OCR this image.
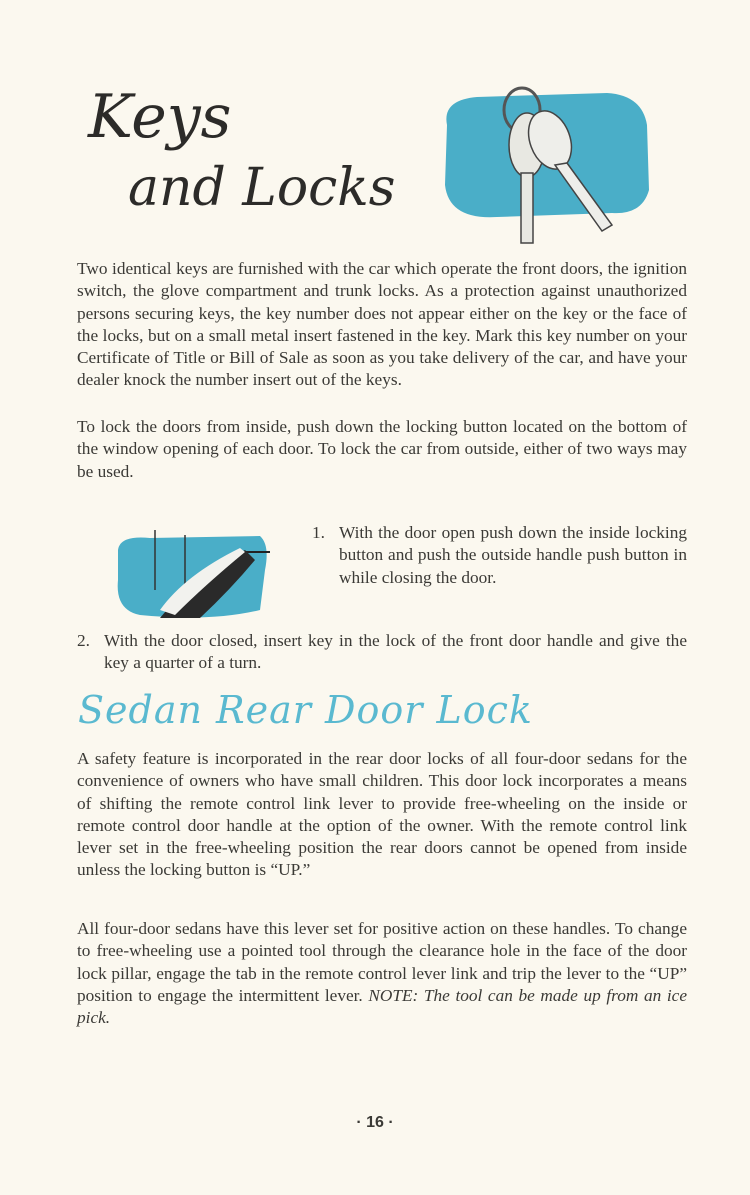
Keys
and Locks

Two identical keys are furnished with the car which operate the front doors, the ignition switch, the glove compartment and trunk locks. As a protection against unauthorized persons securing keys, the key number does not appear either on the key or the face of the locks, but on a small metal insert fastened in the key. Mark this key number on your Certificate of Title or Bill of Sale as soon as you take delivery of the car, and have your dealer knock the number insert out of the keys.

To lock the doors from inside, push down the locking button located on the bottom of the window opening of each door. To lock the car from outside, either of two ways may be used.

1. With the door open push down the inside locking button and push the outside handle push button in while closing the door.
2. With the door closed, insert key in the lock of the front door handle and give the key a quarter of a turn.
Sedan Rear Door Lock

A safety feature is incorporated in the rear door locks of all four-door sedans for the convenience of owners who have small children. This door lock incorporates a means of shifting the remote control link lever to provide free-wheeling on the inside or remote control door handle at the option of the owner. With the remote control link lever set in the free-wheeling position the rear doors cannot be opened from inside unless the locking button is “UP.”

All four-door sedans have this lever set for positive action on these handles. To change to free-wheeling use a pointed tool through the clearance hole in the face of the door lock pillar, engage the tab in the remote control lever link and trip the lever to the “UP” position to engage the intermittent lever. NOTE: The tool can be made up from an ice pick.

· 16 ·
